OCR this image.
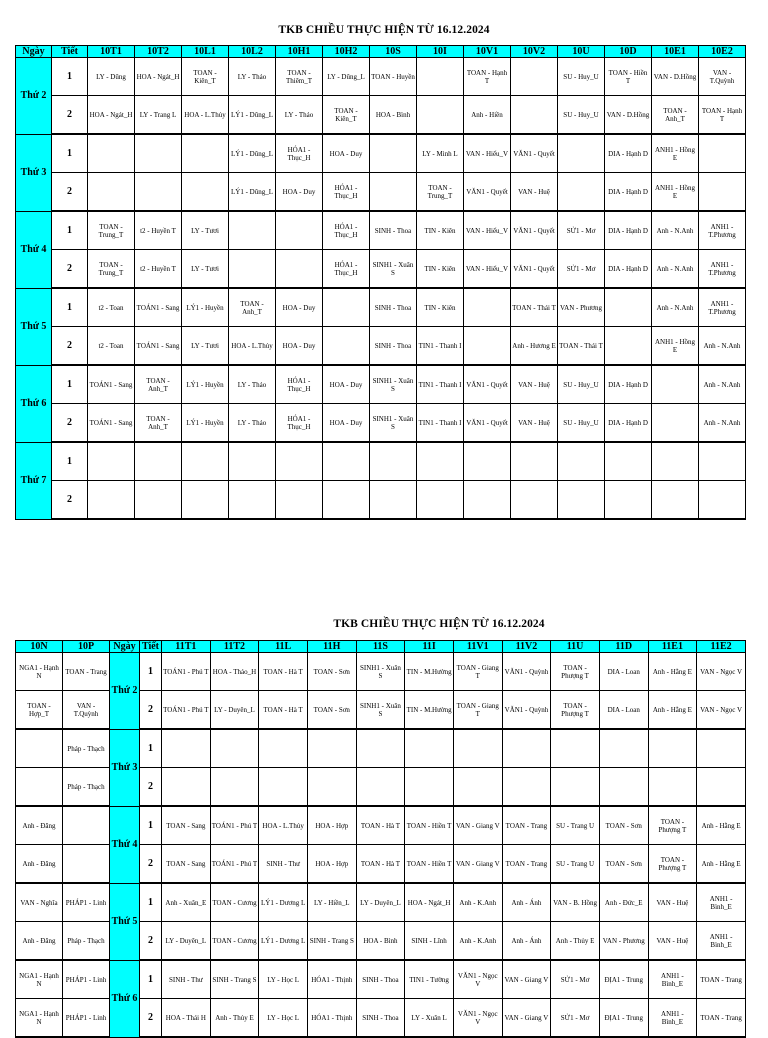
TKB CHIỀU THỰC HIỆN TỪ 16.12.2024
Ngày	Tiết	10T1	10T2	10L1	10L2	10H1	10H2	10S	10I	10V1	10V2	10U	10D	10E1	10E2
Thứ 2	1	LY - Dũng	HOA - Ngát_H	TOAN - Kiên_T	LY - Thảo	TOAN - Thiêm_T	LY - Dũng_L	TOAN - Huyền		TOAN - Hạnh T		SU - Huy_U	TOAN - Hiền T	VAN - D.Hồng	VAN - T.Quỳnh
	2	HOA - Ngát_H	LY - Trang L	HOA - L.Thủy	LÝ1 - Dũng_L	LY - Thảo	TOAN - Kiên_T	HOA - Bình		Anh - Hiền		SU - Huy_U	VAN - D.Hồng	TOAN - Anh_T	TOAN - Hạnh T
Thứ 3	1				LÝ1 - Dũng_L	HÓA1 - Thục_H	HOA - Duy		LY - Minh L	VAN - Hiếu_V	VĂN1 - Quyết		DIA - Hạnh D	ANH1 - Hồng E	
	2				LÝ1 - Dũng_L	HOA - Duy	HÓA1 - Thục_H		TOAN - Trung_T	VĂN1 - Quyết	VAN - Huệ		DIA - Hạnh D	ANH1 - Hồng E	
Thứ 4	1	TOAN - Trung_T	t2 - Huyền T	LY - Tươi			HÓA1 - Thục_H	SINH - Thoa	TIN - Kiên	VAN - Hiếu_V	VĂN1 - Quyết	SỬ1 - Mơ	DIA - Hạnh D	Anh - N.Anh	ANH1 - T.Phương
	2	TOAN - Trung_T	t2 - Huyền T	LY - Tươi			HÓA1 - Thục_H	SINH1 - Xuân S	TIN - Kiên	VAN - Hiếu_V	VĂN1 - Quyết	SỬ1 - Mơ	DIA - Hạnh D	Anh - N.Anh	ANH1 - T.Phương
Thứ 5	1	t2 - Toan	TOÁN1 - Sang	LÝ1 - Huyền	TOAN - Anh_T	HOA - Duy		SINH - Thoa	TIN - Kiên		TOAN - Thái T	VAN - Phương		Anh - N.Anh	ANH1 - T.Phương
	2	t2 - Toan	TOÁN1 - Sang	LY - Tươi	HOA - L.Thủy	HOA - Duy		SINH - Thoa	TIN1 - Thanh I		Anh - Hương E	TOAN - Thái T		ANH1 - Hồng E	Anh - N.Anh
Thứ 6	1	TOÁN1 - Sang	TOAN - Anh_T	LÝ1 - Huyền	LY - Thảo	HÓA1 - Thục_H	HOA - Duy	SINH1 - Xuân S	TIN1 - Thanh I	VĂN1 - Quyết	VAN - Huệ	SU - Huy_U	DIA - Hạnh D		Anh - N.Anh
	2	TOÁN1 - Sang	TOAN - Anh_T	LÝ1 - Huyền	LY - Thảo	HÓA1 - Thục_H	HOA - Duy	SINH1 - Xuân S	TIN1 - Thanh I	VĂN1 - Quyết	VAN - Huệ	SU - Huy_U	DIA - Hạnh D		Anh - N.Anh
Thứ 7	1														
	2														
TKB CHIỀU THỰC HIỆN TỪ 16.12.2024
10N	10P	Ngày	Tiết	11T1	11T2	11L	11H	11S	11I	11V1	11V2	11U	11D	11E1	11E2
NGA1 - Hạnh N	TOAN - Trang	Thứ 2	1	TOÁN1 - Phú T	HOA - Thảo_H	TOAN - Hà T	TOAN - Sơn	SINH1 - Xuân S	TIN - M.Hường	TOAN - Giang T	VĂN1 - Quỳnh	TOAN - Phượng T	DIA - Loan	Anh - Hằng E	VAN - Ngọc V
TOAN - Hợp_T	VAN - T.Quỳnh		2	TOÁN1 - Phú T	LY - Duyên_L	TOAN - Hà T	TOAN - Sơn	SINH1 - Xuân S	TIN - M.Hường	TOAN - Giang T	VĂN1 - Quỳnh	TOAN - Phượng T	DIA - Loan	Anh - Hằng E	VAN - Ngọc V
	Pháp - Thạch	Thứ 3	1												
	Pháp - Thạch		2												
Anh - Đăng		Thứ 4	1	TOAN - Sang	TOÁN1 - Phú T	HOA - L.Thủy	HOA - Hợp	TOAN - Hà T	TOAN - Hiền T	VAN - Giang V	TOAN - Trang	SU - Trang U	TOAN - Sơn	TOAN - Phượng T	Anh - Hằng E
Anh - Đăng			2	TOAN - Sang	TOÁN1 - Phú T	SINH - Thư	HOA - Hợp	TOAN - Hà T	TOAN - Hiền T	VAN - Giang V	TOAN - Trang	SU - Trang U	TOAN - Sơn	TOAN - Phượng T	Anh - Hằng E
VAN - Nghĩa	PHÁP1 - Linh	Thứ 5	1	Anh - Xuân_E	TOAN - Cương	LÝ1 - Dương L	LY - Hiền_L	LY - Duyên_L	HOA - Ngát_H	Anh - K.Anh	Anh - Ánh	VAN - B. Hồng	Anh - Đức_E	VAN - Huệ	ANH1 - Bình_E
Anh - Đăng	Pháp - Thạch		2	LY - Duyên_L	TOAN - Cương	LÝ1 - Dương L	SINH - Trang S	HOA - Bình	SINH - Lĩnh	Anh - K.Anh	Anh - Ánh	Anh - Thủy E	VAN - Phương	VAN - Huệ	ANH1 - Bình_E
NGA1 - Hạnh N	PHÁP1 - Linh	Thứ 6	1	SINH - Thư	SINH - Trang S	LY - Học L	HÓA1 - Thịnh	SINH - Thoa	TIN1 - Tường	VĂN1 - Ngọc V	VAN - Giang V	SỬ1 - Mơ	ĐỊA1 - Trung	ANH1 - Bình_E	TOAN - Trang
NGA1 - Hạnh N	PHÁP1 - Linh		2	HOA - Thái H	Anh - Thủy E	LY - Học L	HÓA1 - Thịnh	SINH - Thoa	LY - Xuân L	VĂN1 - Ngọc V	VAN - Giang V	SỬ1 - Mơ	ĐỊA1 - Trung	ANH1 - Bình_E	TOAN - Trang
